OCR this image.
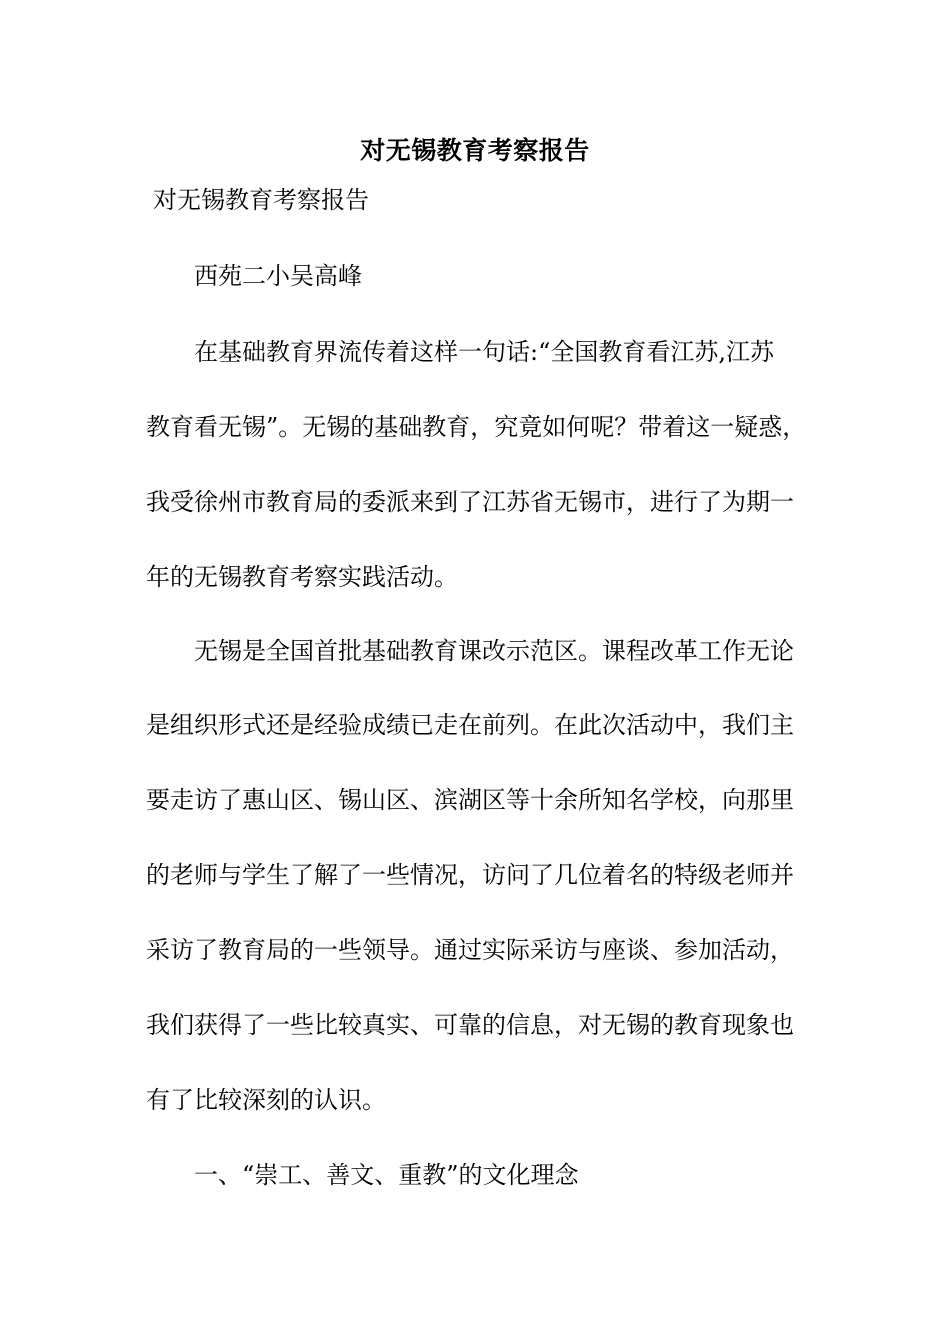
对无锡教育考察报告
对无锡教育考察报告
西苑二小吴高峰
在基础教育界流传着这样一句话:“全国教育看江苏,江苏
教育看无锡”。无锡的基础教育，究竟如何呢？带着这一疑惑，
我受徐州市教育局的委派来到了江苏省无锡市，进行了为期一
年的无锡教育考察实践活动。
无锡是全国首批基础教育课改示范区。课程改革工作无论
是组织形式还是经验成绩已走在前列。在此次活动中，我们主
要走访了惠山区、锡山区、滨湖区等十余所知名学校，向那里
的老师与学生了解了一些情况，访问了几位着名的特级老师并
采访了教育局的一些领导。通过实际采访与座谈、参加活动，
我们获得了一些比较真实、可靠的信息，对无锡的教育现象也
有了比较深刻的认识。
一、“崇工、善文、重教”的文化理念
